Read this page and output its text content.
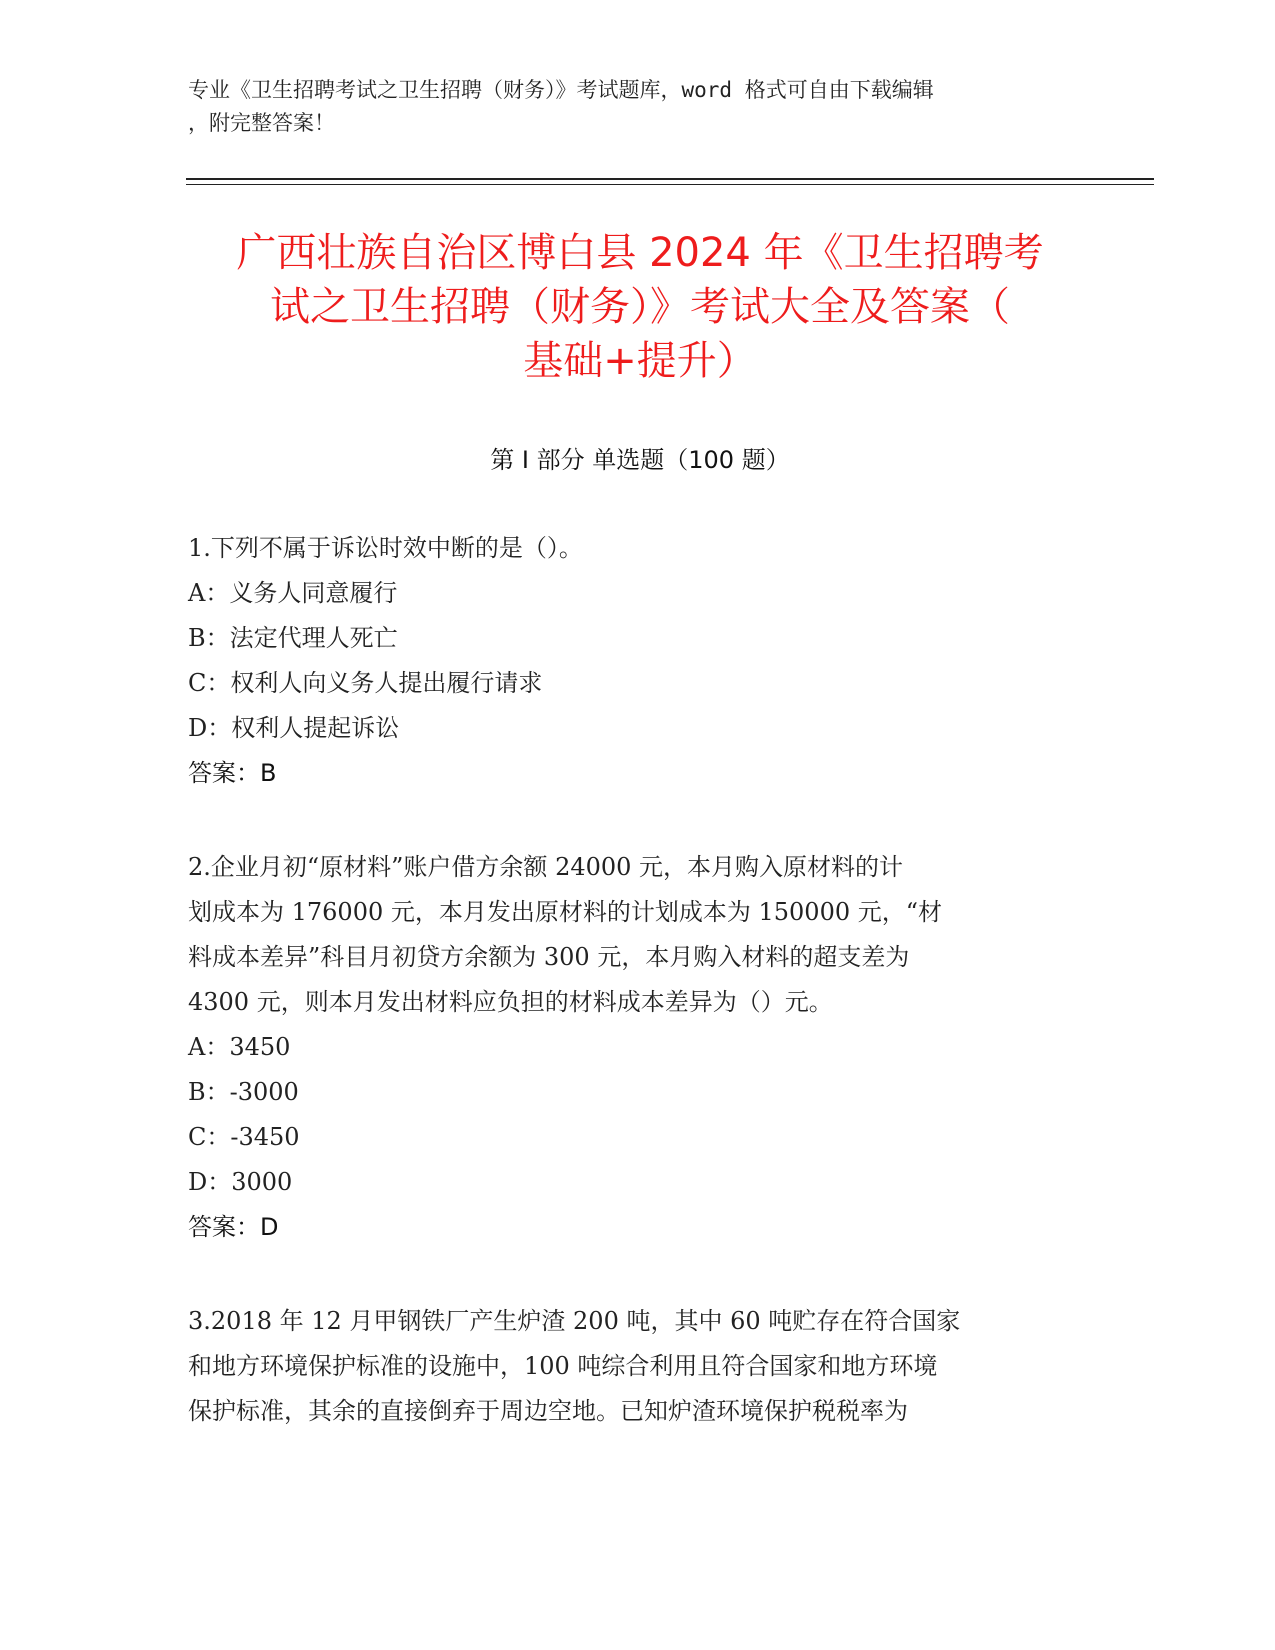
专业《卫生招聘考试之卫生招聘（财务）》考试题库，word 格式可自由下载编辑
，附完整答案！
广西壮族自治区博白县 2024 年《卫生招聘考
试之卫生招聘（财务）》考试大全及答案（
基础+提升）
第 I 部分 单选题（100 题）

1.下列不属于诉讼时效中断的是（）。

A：义务人同意履行

B：法定代理人死亡

C：权利人向义务人提出履行请求

D：权利人提起诉讼

答案：B

2.企业月初“原材料”账户借方余额 24000 元，本月购入原材料的计

划成本为 176000 元，本月发出原材料的计划成本为 150000 元，“材

料成本差异”科目月初贷方余额为 300 元，本月购入材料的超支差为

4300 元，则本月发出材料应负担的材料成本差异为（）元。

A：3450

B：-3000

C：-3450

D：3000

答案：D

3.2018 年 12 月甲钢铁厂产生炉渣 200 吨，其中 60 吨贮存在符合国家

和地方环境保护标准的设施中，100 吨综合利用且符合国家和地方环境

保护标准，其余的直接倒弃于周边空地。已知炉渣环境保护税税率为
